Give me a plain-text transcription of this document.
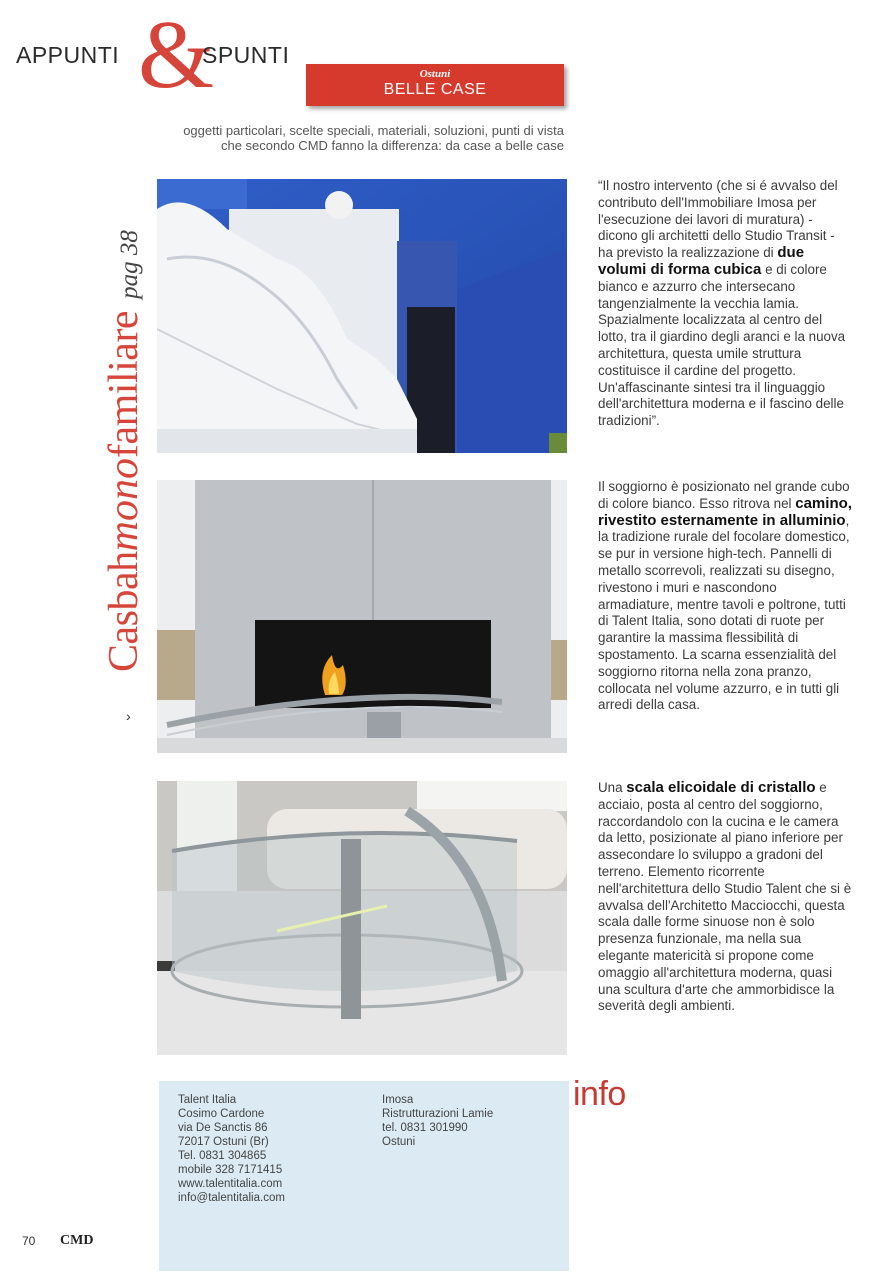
APPUNTI &
SPUNTI
Ostuni
BELLE CASE
oggetti particolari, scelte speciali, materiali, soluzioni, punti di vista
che secondo CMD fanno la differenza: da case a belle case
Casbahmonofamiliarepag 38
›
“Il nostro intervento (che si é avvalso del contributo dell'Immobiliare Imosa per l'esecuzione dei lavori di muratura) - dicono gli architetti dello Studio Transit - ha previsto la realizzazione di due volumi di forma cubica e di colore bianco e azzurro che intersecano tangenzialmente la vecchia lamia. Spazialmente localizzata al centro del lotto, tra il giardino degli aranci e la nuova architettura, questa umile struttura costituisce il cardine del progetto. Un'affascinante sintesi tra il linguaggio dell'architettura moderna e il fascino delle tradizioni”.
Il soggiorno è posizionato nel grande cubo di colore bianco. Esso ritrova nel camino, rivestito esternamente in alluminio, la tradizione rurale del focolare domestico, se pur in versione high-tech. Pannelli di metallo scorrevoli, realizzati su disegno, rivestono i muri e nascondono armadiature, mentre tavoli e poltrone, tutti di Talent Italia, sono dotati di ruote per garantire la massima flessibilità di spostamento. La scarna essenzialità del soggiorno ritorna nella zona pranzo, collocata nel volume azzurro, e in tutti gli arredi della casa.
Una scala elicoidale di cristallo e acciaio, posta al centro del soggiorno, raccordandolo con la cucina e le camera da letto, posizionate al piano inferiore per assecondare lo sviluppo a gradoni del terreno. Elemento ricorrente nell'architettura dello Studio Talent che si è avvalsa dell'Architetto Macciocchi, questa scala dalle forme sinuose non è solo presenza funzionale, ma nella sua elegante matericità si propone come omaggio all'architettura moderna, quasi una scultura d'arte che ammorbidisce la severità degli ambienti.
Talent Italia
Cosimo Cardone
via De Sanctis 86
72017 Ostuni (Br)
Tel. 0831 304865
mobile 328 7171415
www.talentitalia.com
info@talentitalia.com
Imosa
Ristrutturazioni Lamie
tel. 0831 301990
Ostuni
info
70 CMD
